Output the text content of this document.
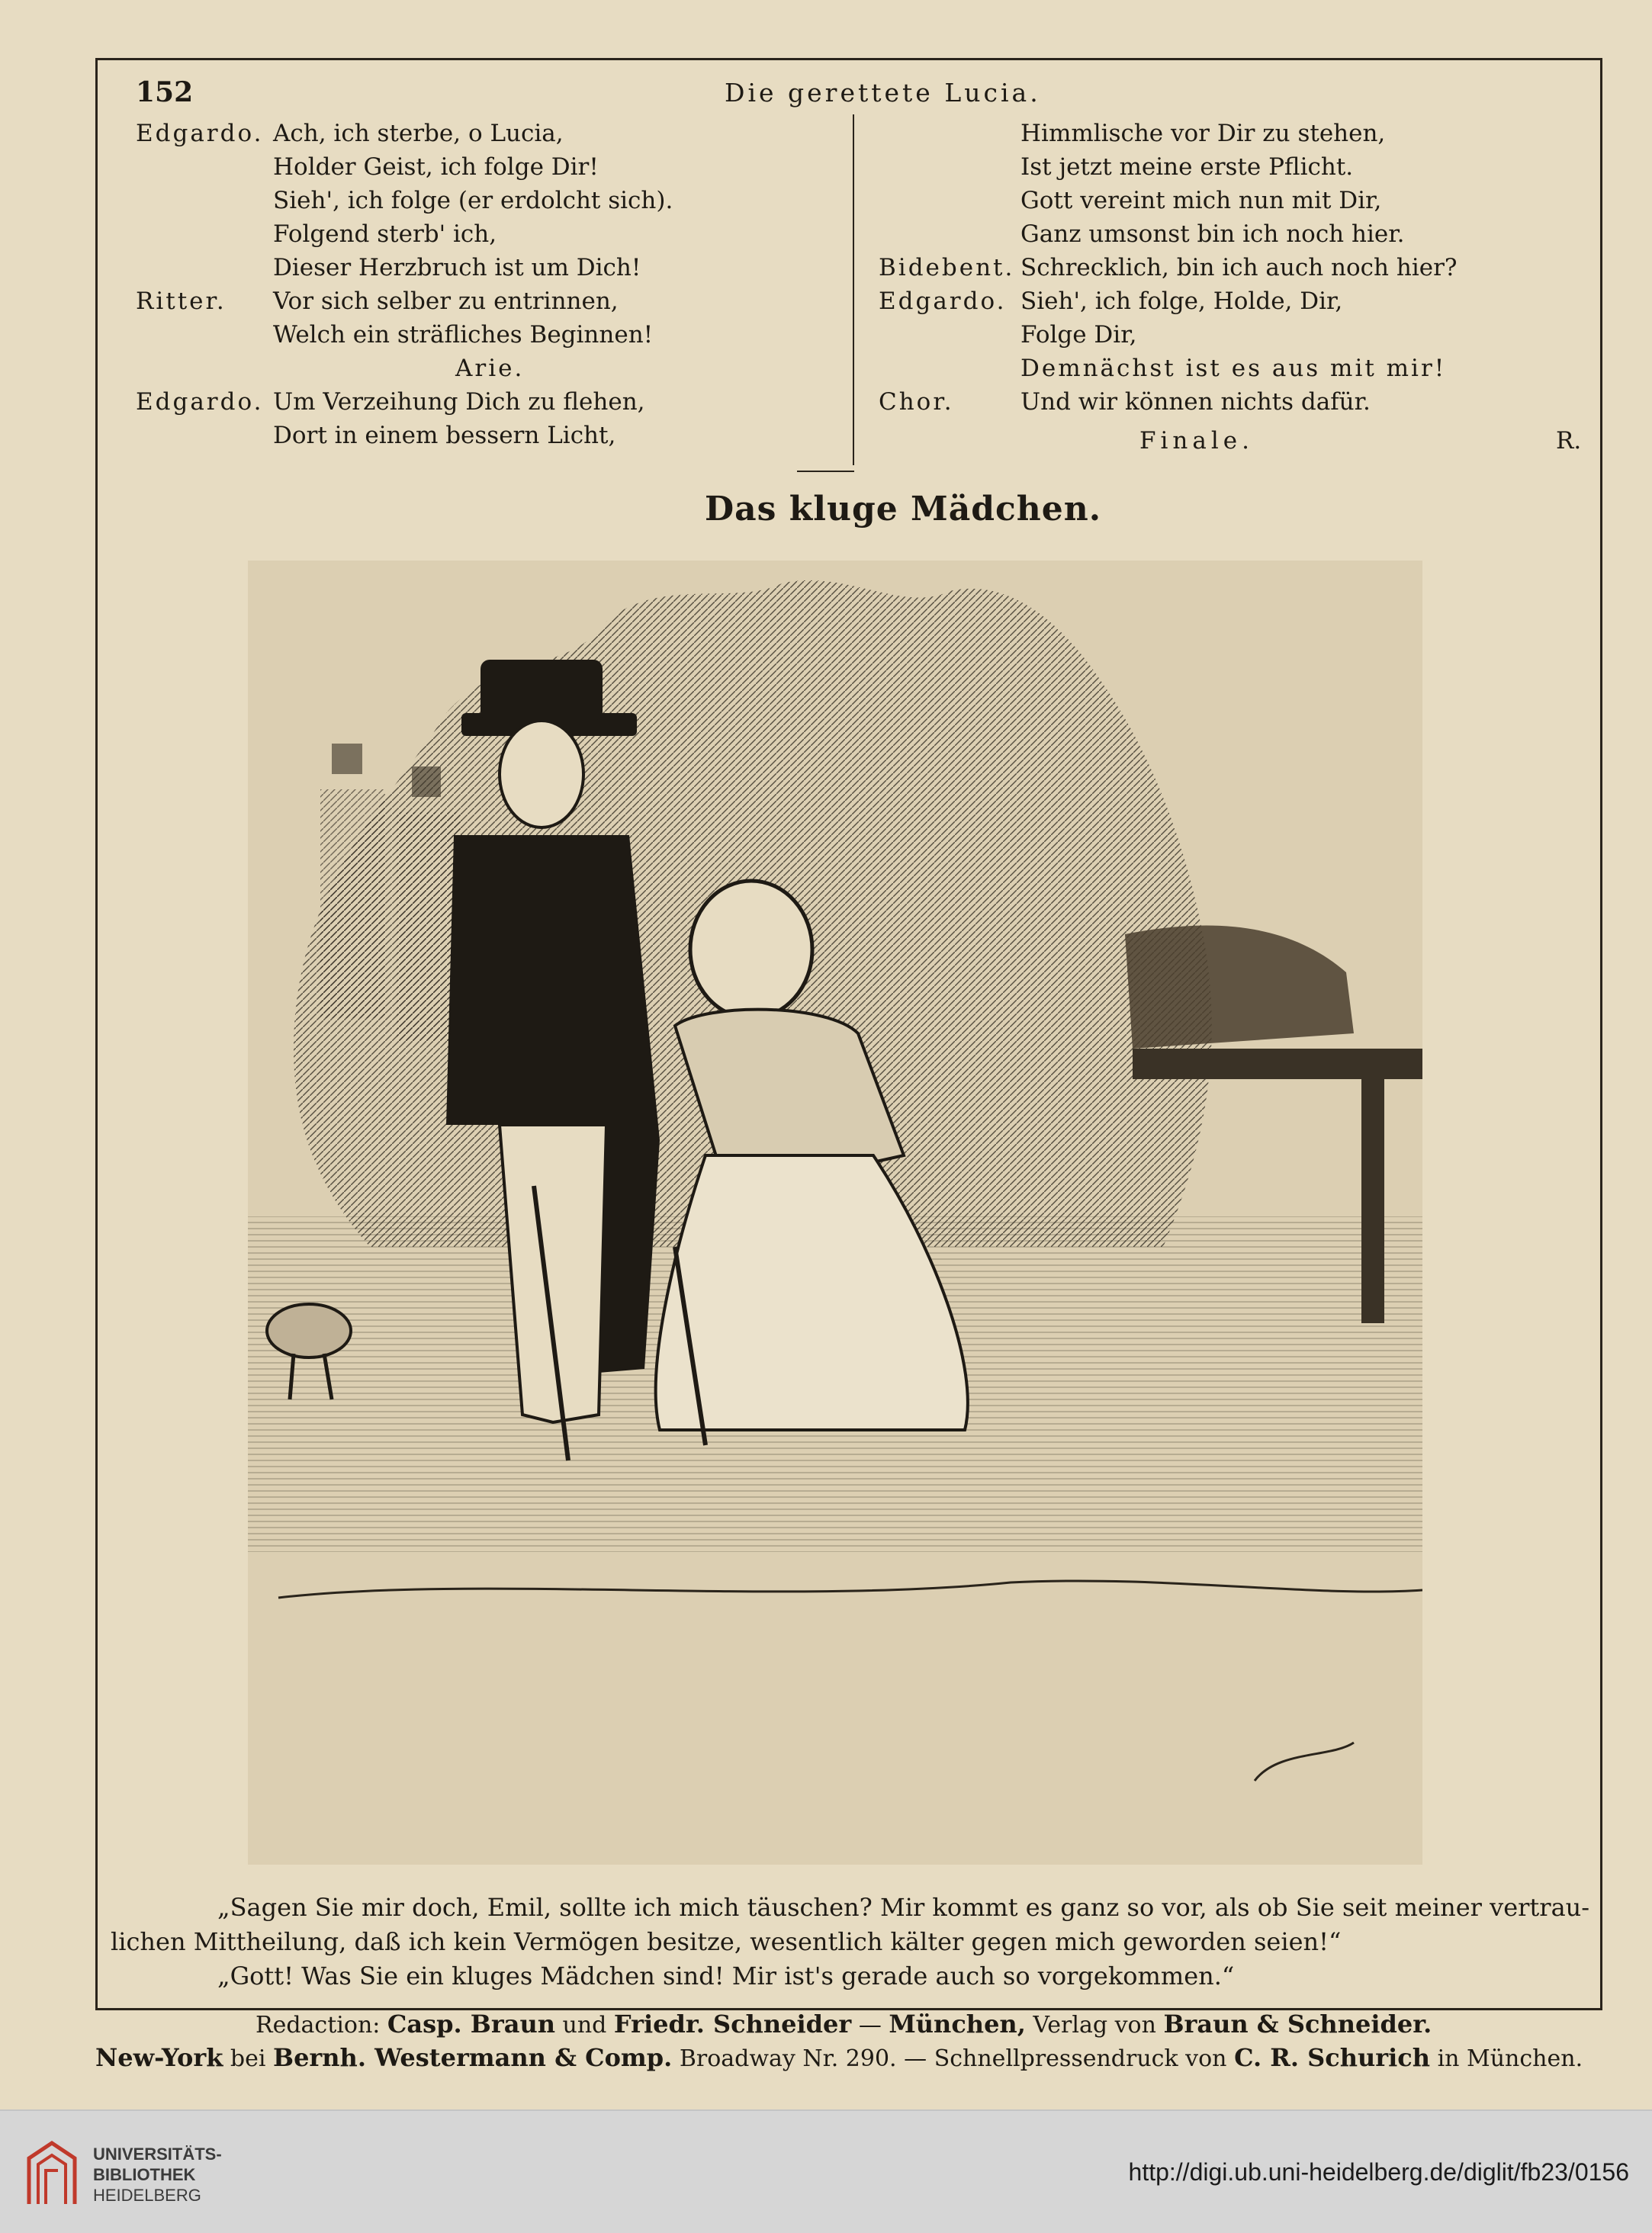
152	Die gerettete Lucia.
Edgardo. Ach, ich sterbe, o Lucia,
Holder Geist, ich folge Dir!
Sieh', ich folge (er erdolcht sich).
Folgend sterb' ich,
Dieser Herzbruch ist um Dich!
Ritter. Vor sich selber zu entrinnen,
Welch ein sträfliches Beginnen!
Arie.
Edgardo. Um Verzeihung Dich zu flehen,
Dort in einem bessern Licht,
Himmlische vor Dir zu stehen,
Ist jetzt meine erste Pflicht.
Gott vereint mich nun mit Dir,
Ganz umsonst bin ich noch hier.
Bidebent. Schrecklich, bin ich auch noch hier?
Edgardo. Sieh', ich folge, Holde, Dir,
Folge Dir,
Demnächst ist es aus mit mir!
Chor.	Und wir können nichts dafür.
Finale.	R.
Das kluge Mädchen.
„Sagen Sie mir doch, Emil, sollte ich mich täuschen? Mir kommt es ganz so vor, als ob Sie seit meiner vertrau-
lichen Mittheilung, daß ich kein Vermögen besitze, wesentlich kälter gegen mich geworden seien!“
„Gott! Was Sie ein kluges Mädchen sind! Mir ist's gerade auch so vorgekommen.“
Redaction: Casp. Braun und Friedr. Schneider — München, Verlag von Braun & Schneider.
New-York bei Bernh. Westermann & Comp. Broadway Nr. 290. — Schnellpressendruck von C. R. Schurich in München.
UNIVERSITÄTS-
BIBLIOTHEK
HEIDELBERG
http://digi.ub.uni-heidelberg.de/diglit/fb23/0156
